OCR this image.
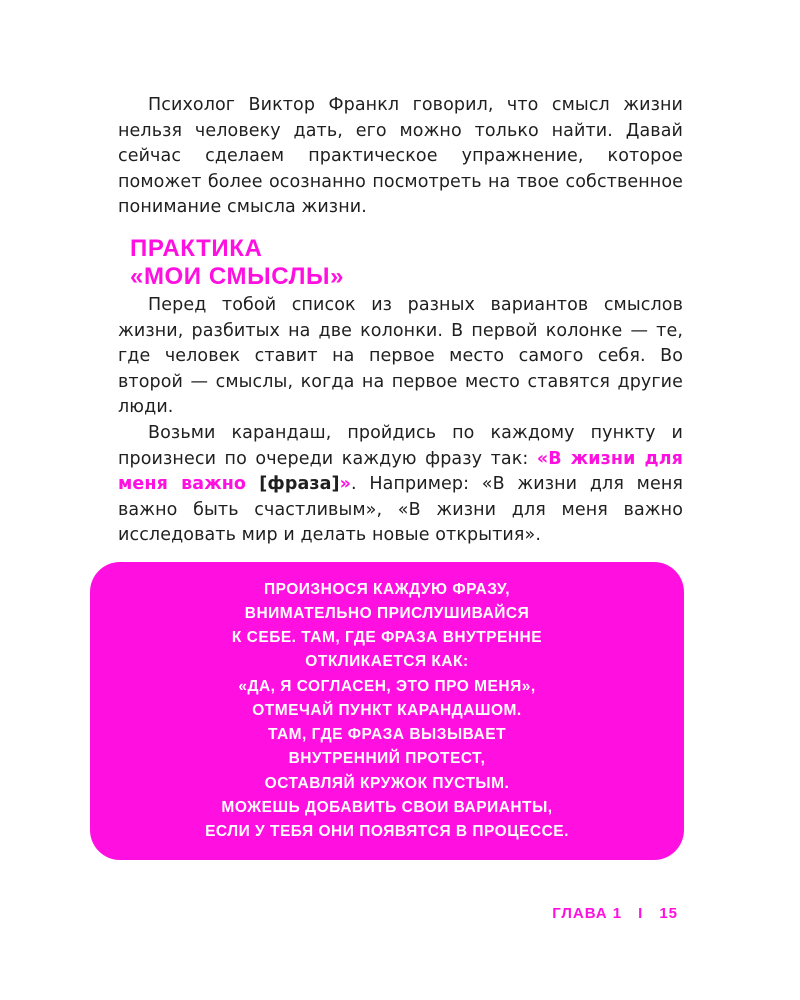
Психолог Виктор Франкл говорил, что смысл жизни нельзя человеку дать, его можно только найти. Давай сейчас сделаем практическое упражнение, которое поможет более осознанно посмотреть на твое собственное понимание смысла жизни.

ПРАКТИКА
«МОИ СМЫСЛЫ»

Перед тобой список из разных вариантов смыслов жизни, разбитых на две колонки. В первой колонке — те, где человек ставит на первое место самого себя. Во второй — смыслы, когда на первое место ставятся другие люди.

Возьми карандаш, пройдись по каждому пункту и произнеси по очереди каждую фразу так: «В жизни для меня важно [фраза]». Например: «В жизни для меня важно быть счастливым», «В жизни для меня важно исследовать мир и делать новые открытия».

ПРОИЗНОСЯ КАЖДУЮ ФРАЗУ,
ВНИМАТЕЛЬНО ПРИСЛУШИВАЙСЯ
К СЕБЕ. ТАМ, ГДЕ ФРАЗА ВНУТРЕННЕ
ОТКЛИКАЕТСЯ КАК:
«ДА, Я СОГЛАСЕН, ЭТО ПРО МЕНЯ»,
ОТМЕЧАЙ ПУНКТ КАРАНДАШОМ.
ТАМ, ГДЕ ФРАЗА ВЫЗЫВАЕТ
ВНУТРЕННИЙ ПРОТЕСТ,
ОСТАВЛЯЙ КРУЖОК ПУСТЫМ.
МОЖЕШЬ ДОБАВИТЬ СВОИ ВАРИАНТЫ,
ЕСЛИ У ТЕБЯ ОНИ ПОЯВЯТСЯ В ПРОЦЕССЕ.

ГЛАВА 1 I 15
